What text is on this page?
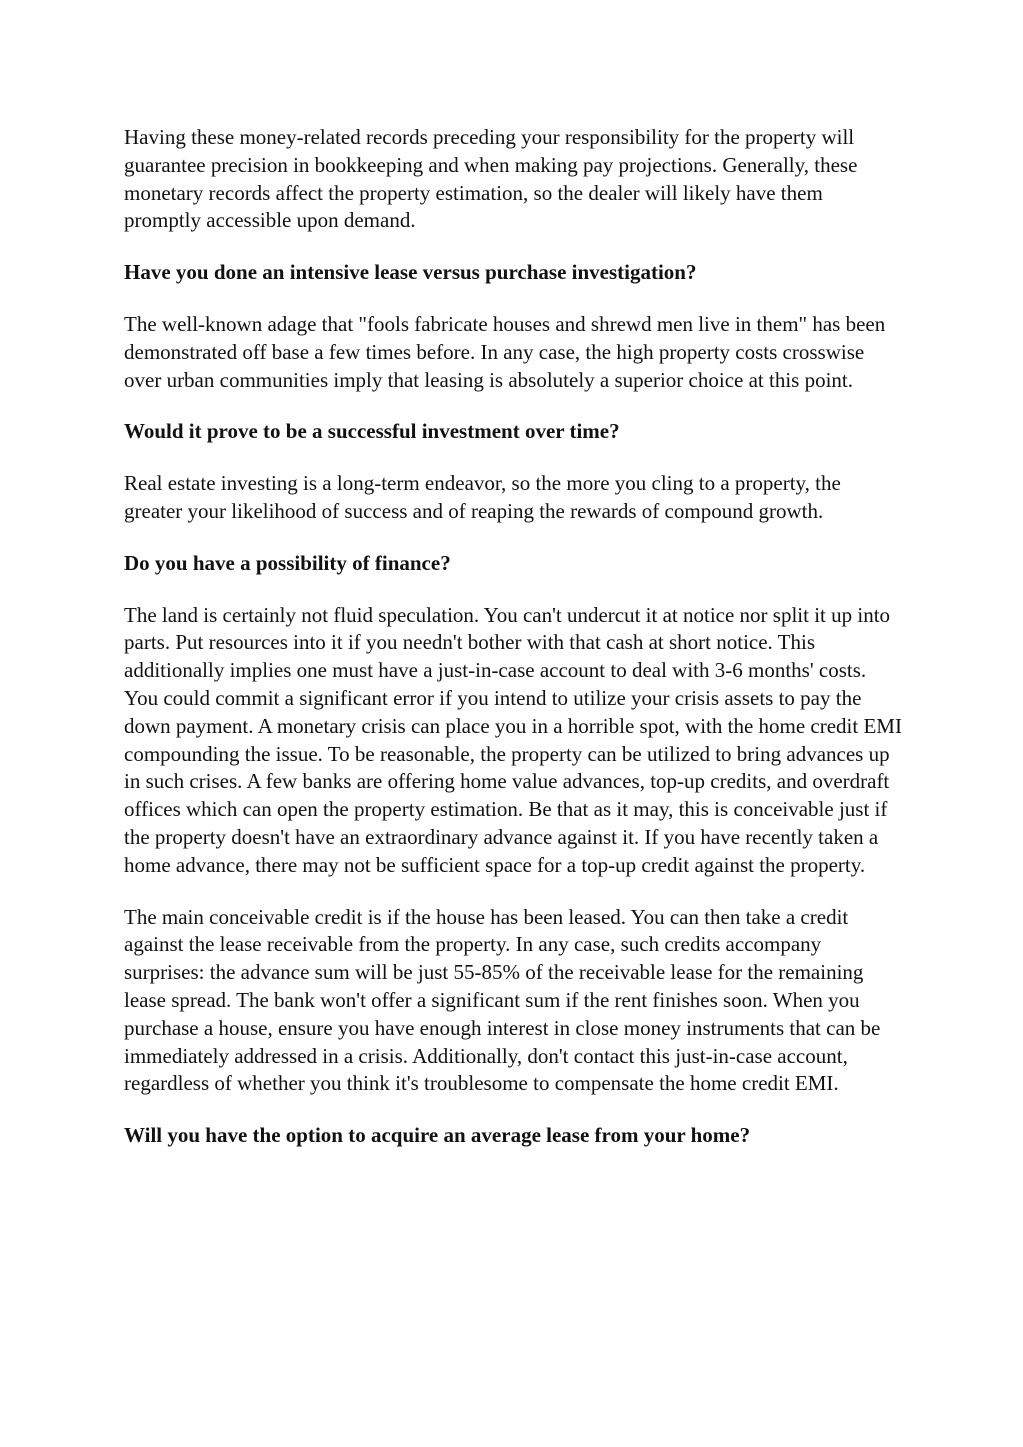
Having these money-related records preceding your responsibility for the property will guarantee precision in bookkeeping and when making pay projections. Generally, these monetary records affect the property estimation, so the dealer will likely have them promptly accessible upon demand.

Have you done an intensive lease versus purchase investigation?

The well-known adage that "fools fabricate houses and shrewd men live in them" has been demonstrated off base a few times before. In any case, the high property costs crosswise over urban communities imply that leasing is absolutely a superior choice at this point.

Would it prove to be a successful investment over time?

Real estate investing is a long-term endeavor, so the more you cling to a property, the greater your likelihood of success and of reaping the rewards of compound growth.

Do you have a possibility of finance?

The land is certainly not fluid speculation. You can't undercut it at notice nor split it up into parts. Put resources into it if you needn't bother with that cash at short notice. This additionally implies one must have a just-in-case account to deal with 3-6 months' costs. You could commit a significant error if you intend to utilize your crisis assets to pay the down payment. A monetary crisis can place you in a horrible spot, with the home credit EMI compounding the issue. To be reasonable, the property can be utilized to bring advances up in such crises. A few banks are offering home value advances, top-up credits, and overdraft offices which can open the property estimation. Be that as it may, this is conceivable just if the property doesn't have an extraordinary advance against it. If you have recently taken a home advance, there may not be sufficient space for a top-up credit against the property.

The main conceivable credit is if the house has been leased. You can then take a credit against the lease receivable from the property. In any case, such credits accompany surprises: the advance sum will be just 55-85% of the receivable lease for the remaining lease spread. The bank won't offer a significant sum if the rent finishes soon. When you purchase a house, ensure you have enough interest in close money instruments that can be immediately addressed in a crisis. Additionally, don't contact this just-in-case account, regardless of whether you think it's troublesome to compensate the home credit EMI.

Will you have the option to acquire an average lease from your home?
